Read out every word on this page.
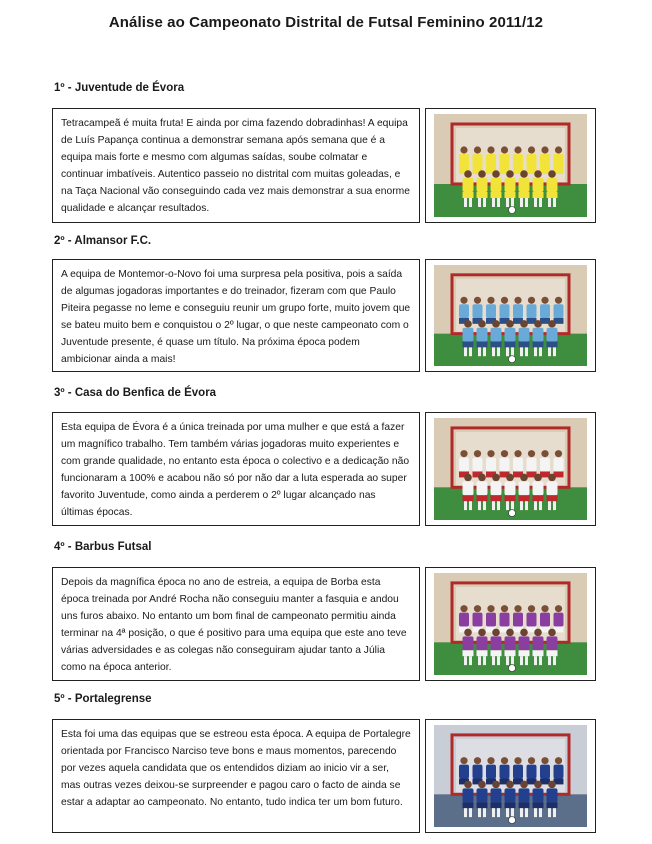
Análise ao Campeonato Distrital de Futsal Feminino 2011/12
1º - Juventude de Évora
Tetracampeã é muita fruta! E ainda por cima fazendo dobradinhas! A equipa de Luís Papança continua a demonstrar semana após semana que é a equipa mais forte e mesmo com algumas saídas, soube colmatar e continuar imbatíveis. Autentico passeio no distrital com muitas goleadas, e na Taça Nacional vão conseguindo cada vez mais demonstrar a sua enorme qualidade e alcançar resultados.
2º - Almansor F.C.
A equipa de Montemor-o-Novo foi uma surpresa pela positiva, pois a saída de algumas jogadoras importantes e do treinador, fizeram com que Paulo Piteira pegasse no leme e conseguiu reunir um grupo forte, muito jovem que se bateu muito bem e conquistou o 2º lugar, o que neste campeonato com o Juventude presente, é quase um título. Na próxima época podem ambicionar ainda a mais!
3º - Casa do Benfica de Évora
Esta equipa de Évora é a única treinada por uma mulher e que está a fazer um magnífico trabalho. Tem também várias jogadoras muito experientes e com grande qualidade, no entanto esta época o colectivo e a dedicação não funcionaram a 100% e acabou não só por não dar a luta esperada ao super favorito Juventude, como ainda a perderem o 2º lugar alcançado nas últimas épocas.
4º - Barbus Futsal
Depois da magnífica época no ano de estreia, a equipa de Borba esta época treinada por André Rocha não conseguiu manter a fasquia e andou uns furos abaixo. No entanto um bom final de campeonato permitiu ainda terminar na 4ª posição, o que é positivo para uma equipa que este ano teve várias adversidades e as colegas não conseguiram ajudar tanto a Júlia como na época anterior.
5º - Portalegrense
Esta foi uma das equipas que se estreou esta época. A equipa de Portalegre orientada por Francisco Narciso teve bons e maus momentos, parecendo por vezes aquela candidata que os entendidos diziam ao inicio vir a ser, mas outras vezes deixou-se surpreender e pagou caro o facto de ainda se estar a adaptar ao campeonato. No entanto, tudo indica ter um bom futuro.
